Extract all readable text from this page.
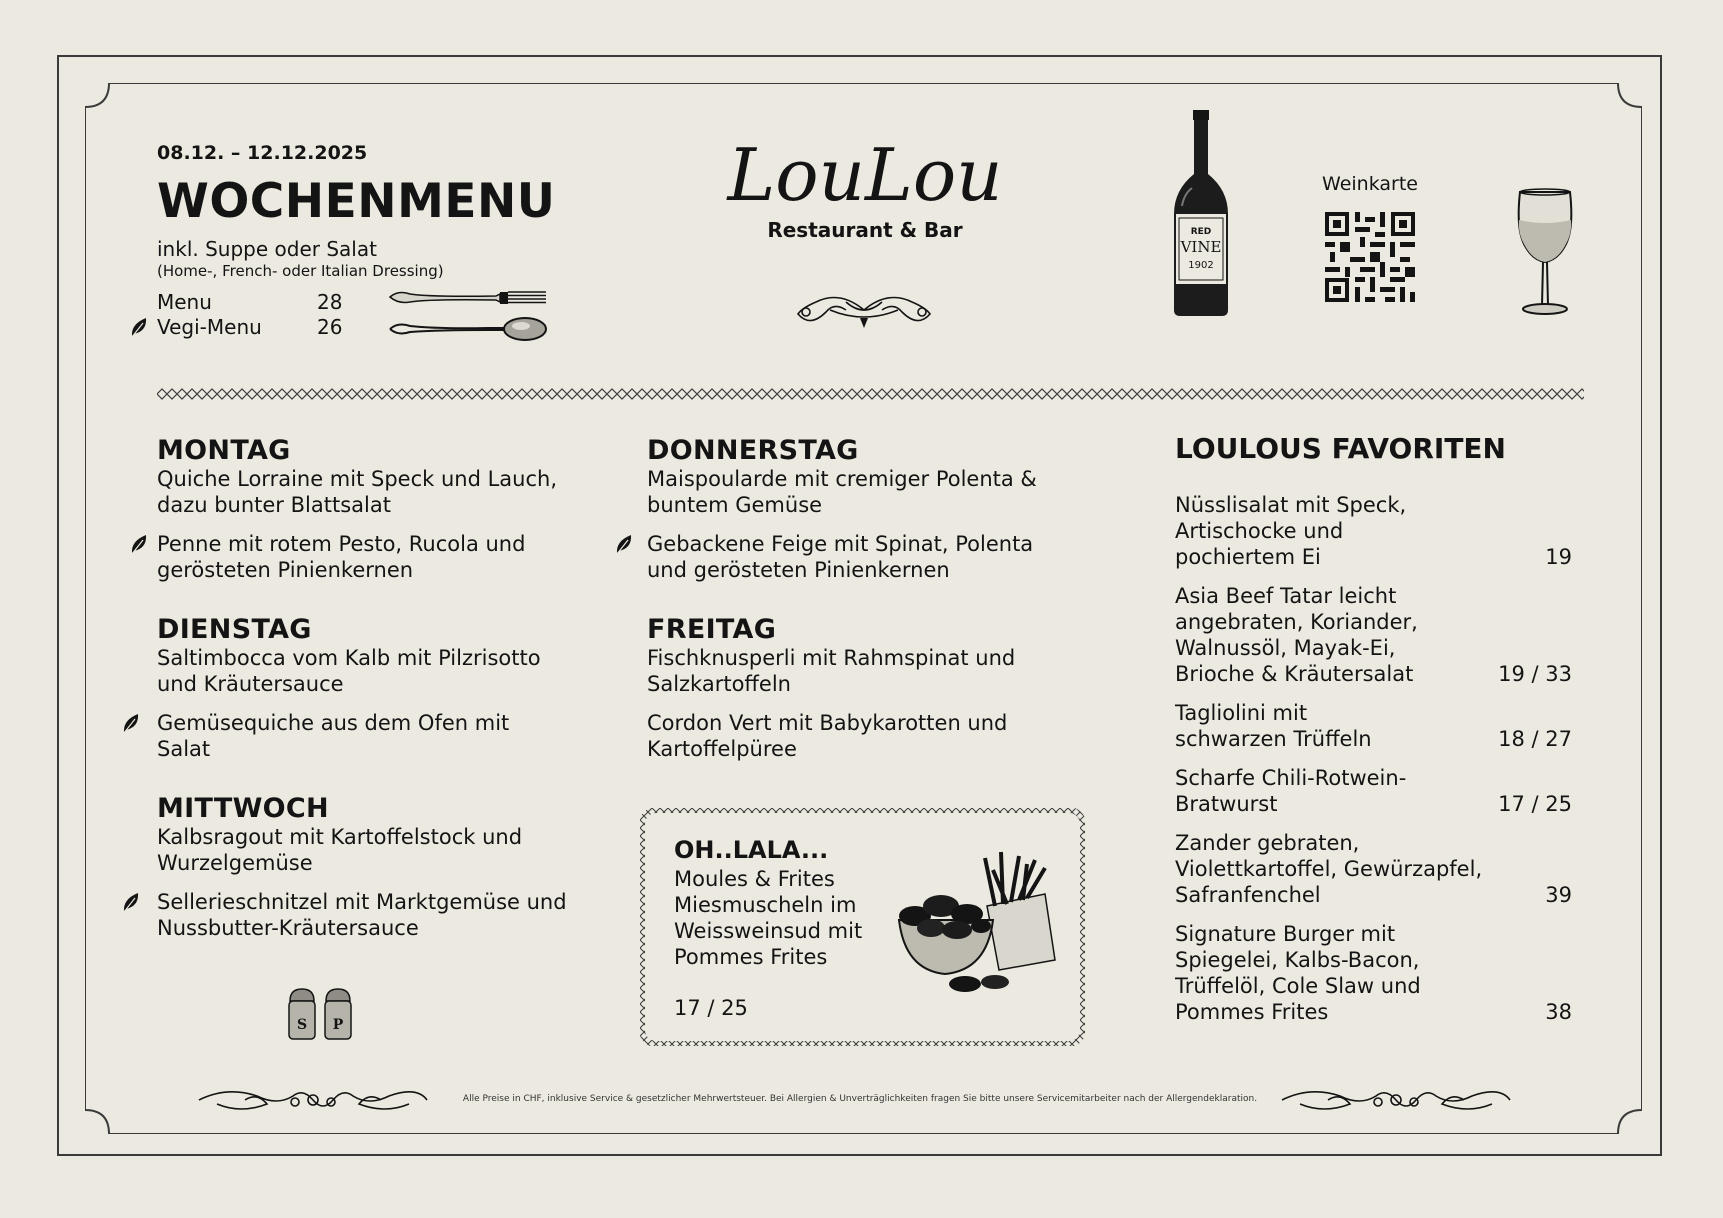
08.12. – 12.12.2025
WOCHENMENU
inkl. Suppe oder Salat
(Home-, French- oder Italian Dressing)
Menu	28
Vegi-Menu	26
LouLou
Restaurant & Bar	RED
VINE
1902
Weinkarte
MONTAG
Quiche Lorraine mit Speck und Lauch,
dazu bunter Blattsalat
Penne mit rotem Pesto, Rucola und
gerösteten Pinienkernen
DIENSTAG
Saltimbocca vom Kalb mit Pilzrisotto
und Kräutersauce
Gemüsequiche aus dem Ofen mit
Salat
MITTWOCH
Kalbsragout mit Kartoffelstock und
Wurzelgemüse
Sellerieschnitzel mit Marktgemüse und
Nussbutter-Kräutersauce
DONNERSTAG
Maispoularde mit cremiger Polenta &
buntem Gemüse
Gebackene Feige mit Spinat, Polenta
und gerösteten Pinienkernen
FREITAG
Fischknusperli mit Rahmspinat und
Salzkartoffeln
Cordon Vert mit Babykarotten und
Kartoffelpüree
OH..LALA...
Moules & Frites
Miesmuscheln im
Weissweinsud mit
Pommes Frites
17 / 25
S P
LOULOUS FAVORITEN
Nüsslisalat mit Speck,
Artischocke und
pochiertem Ei	19
Asia Beef Tatar leicht
angebraten, Koriander,
Walnussöl, Mayak-Ei,
Brioche & Kräutersalat	19 / 33
Tagliolini mit
schwarzen Trüffeln	18 / 27
Scharfe Chili-Rotwein-
Bratwurst	17 / 25
Zander gebraten,
Violettkartoffel, Gewürzapfel,
Safranfenchel	39
Signature Burger mit
Spiegelei, Kalbs-Bacon,
Trüffelöl, Cole Slaw und
Pommes Frites	38
Alle Preise in CHF, inklusive Service & gesetzlicher Mehrwertsteuer. Bei Allergien & Unverträglichkeiten fragen Sie bitte unsere Servicemitarbeiter nach der Allergendeklaration.
